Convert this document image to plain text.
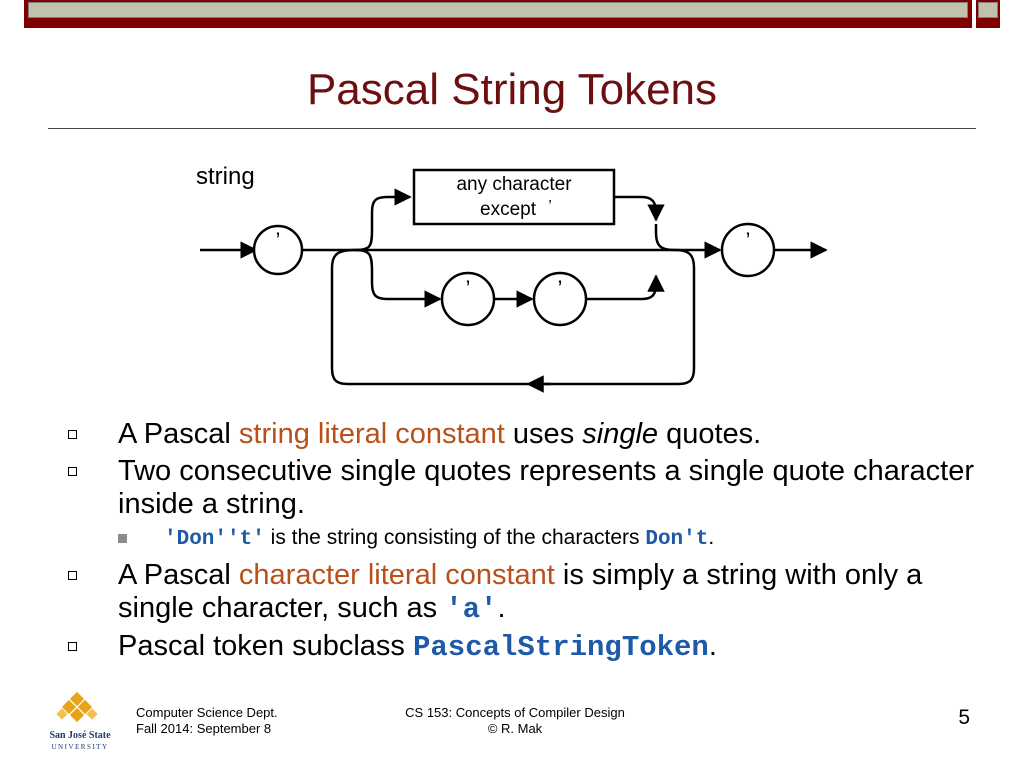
Pascal String Tokens
string
’	’
any character
except ’
’	’
A Pascal string literal constant uses single quotes.
Two consecutive single quotes represents a single quote character inside a string.
'Don''t' is the string consisting of the characters Don't.
A Pascal character literal constant is simply a string with only a single character, such as 'a'.
Pascal token subclass PascalStringToken.
San José State
UNIVERSITY
Computer Science Dept.
Fall 2014: September 8
CS 153: Concepts of Compiler Design
© R. Mak	5
